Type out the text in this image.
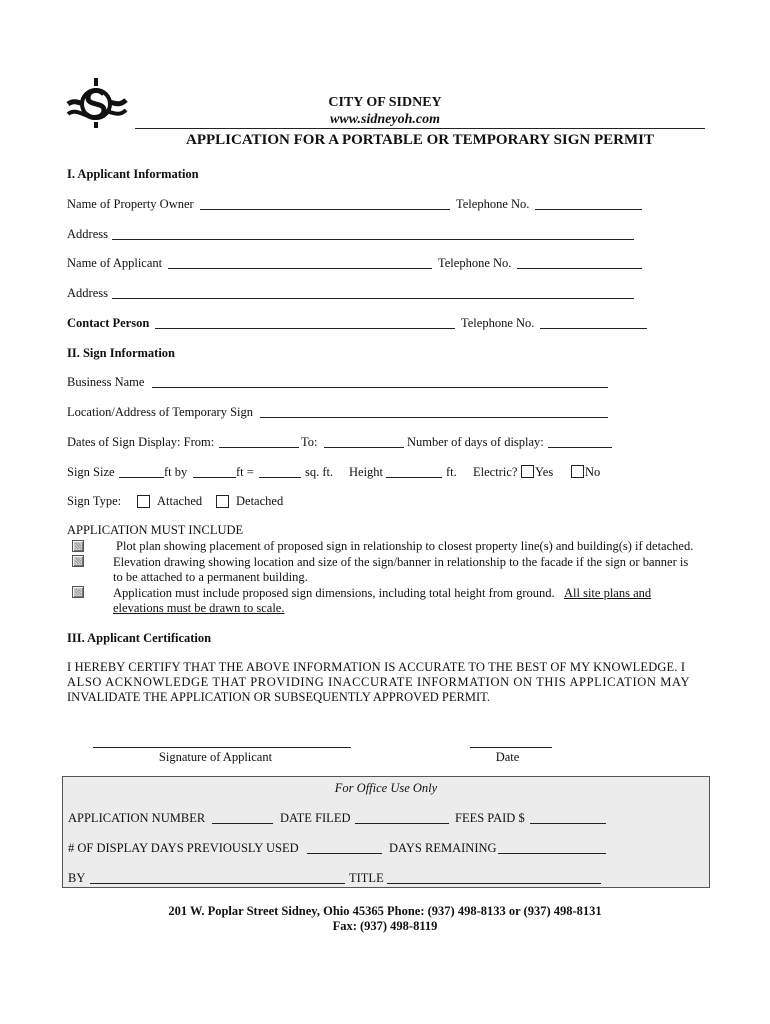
CITY OF SIDNEY
www.sidneyoh.com
APPLICATION FOR A PORTABLE OR TEMPORARY SIGN PERMIT
I. Applicant Information
Name of Property Owner	Telephone No.
Address
Name of Applicant	Telephone No.
Address
Contact Person	Telephone No.
II. Sign Information
Business Name
Location/Address of Temporary Sign
Dates of Sign Display: From:	To:	Number of days of display:
Sign Size	ft by	ft =	sq. ft. Height	ft. Electric? Yes	No
Sign Type:	Attached	Detached
APPLICATION MUST INCLUDE
Plot plan showing placement of proposed sign in relationship to closest property line(s) and building(s) if detached.
Elevation drawing showing location and size of the sign/banner in relationship to the facade if the sign or banner is
to be attached to a permanent building.
Application must include proposed sign dimensions, including total height from ground. All site plans and
elevations must be drawn to scale.
III. Applicant Certification
I HEREBY CERTIFY THAT THE ABOVE INFORMATION IS ACCURATE TO THE BEST OF MY KNOWLEDGE. I
ALSO ACKNOWLEDGE THAT PROVIDING INACCURATE INFORMATION ON THIS APPLICATION MAY
INVALIDATE THE APPLICATION OR SUBSEQUENTLY APPROVED PERMIT.
Signature of Applicant	Date
For Office Use Only
APPLICATION NUMBER	DATE FILED	FEES PAID $
# OF DISPLAY DAYS PREVIOUSLY USED	DAYS REMAINING
BY	TITLE
201 W. Poplar Street Sidney, Ohio 45365 Phone: (937) 498-8133 or (937) 498-8131
Fax: (937) 498-8119
